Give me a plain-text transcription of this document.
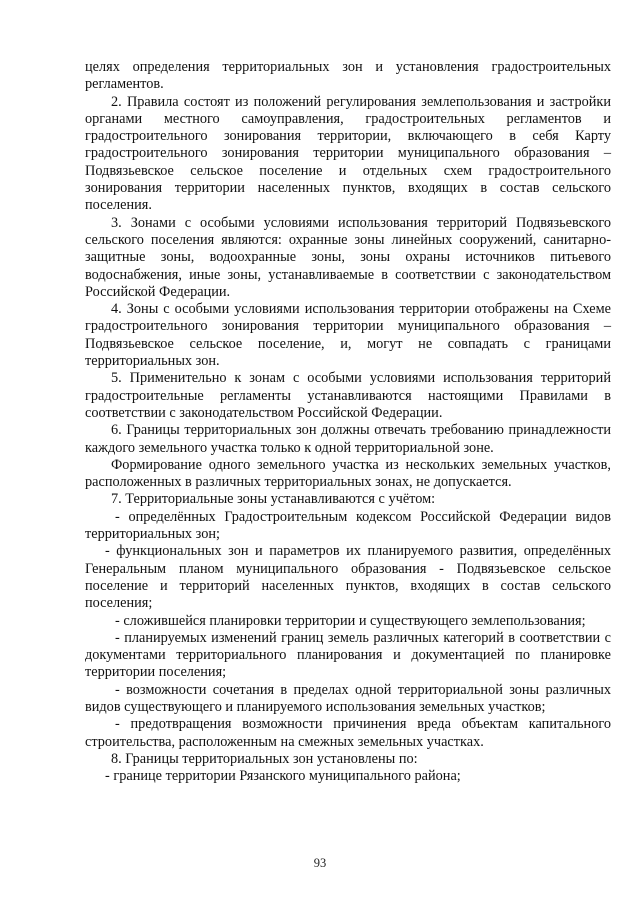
целях определения территориальных зон и установления градостроительных регламентов.

2. Правила состоят из положений регулирования землепользования и застройки органами местного самоуправления, градостроительных регламентов и градостроительного зонирования территории, включающего в себя Карту градостроительного зонирования территории муниципального образования – Подвязьевское сельское поселение и отдельных схем градостроительного зонирования территории населенных пунктов, входящих в состав сельского поселения.

3. Зонами с особыми условиями использования территорий Подвязьевского сельского поселения являются: охранные зоны линейных сооружений, санитарно-защитные зоны, водоохранные зоны, зоны охраны источников питьевого водоснабжения, иные зоны, устанавливаемые в соответствии с законодательством Российской Федерации.

4. Зоны с особыми условиями использования территории отображены на Схеме градостроительного зонирования территории муниципального образования – Подвязьевское сельское поселение, и, могут не совпадать с границами территориальных зон.

5. Применительно к зонам с особыми условиями использования территорий градостроительные регламенты устанавливаются настоящими Правилами в соответствии с законодательством Российской Федерации.

6. Границы территориальных зон должны отвечать требованию принадлежности каждого земельного участка только к одной территориальной зоне.

Формирование одного земельного участка из нескольких земельных участков, расположенных в различных территориальных зонах, не допускается.

7. Территориальные зоны устанавливаются с учётом:

- определённых Градостроительным кодексом Российской Федерации видов территориальных зон;

- функциональных зон и параметров их планируемого развития, определённых Генеральным планом муниципального образования - Подвязьевское сельское поселение и территорий населенных пунктов, входящих в состав сельского поселения;

- сложившейся планировки территории и существующего землепользования;

- планируемых изменений границ земель различных категорий в соответствии с документами территориального планирования и документацией по планировке территории поселения;

- возможности сочетания в пределах одной территориальной зоны различных видов существующего и планируемого использования земельных участков;

- предотвращения возможности причинения вреда объектам капитального строительства, расположенным на смежных земельных участках.

8. Границы территориальных зон установлены по:

- границе территории Рязанского муниципального района;

93
